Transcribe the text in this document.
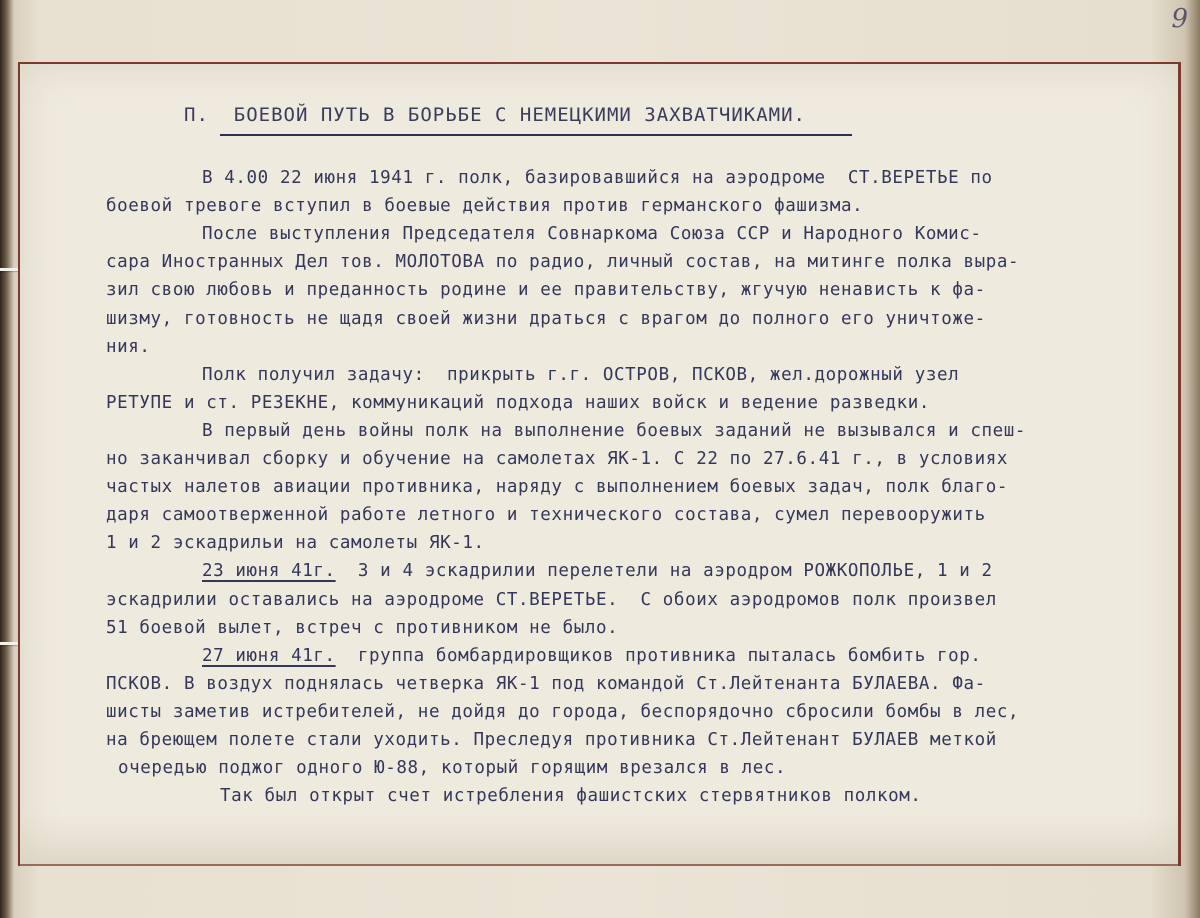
9
П. БОЕВОЙ ПУТЬ В БОРЬБЕ С НЕМЕЦКИМИ ЗАХВАТЧИКАМИ.
В 4.00 22 июня 1941 г. полк, базировавшийся на аэродроме  СТ.ВЕРЕТЬЕ по
боевой тревоге вступил в боевые действия против германского фашизма.
После выступления Председателя Совнаркома Союза ССР и Народного Комис-
сара Иностранных Дел тов. МОЛОТОВА по радио, личный состав, на митинге полка выра-
зил свою любовь и преданность родине и ее правительству, жгучую ненависть к фа-
шизму, готовность не щадя своей жизни драться с врагом до полного его уничтоже-
ния.
Полк получил задачу:  прикрыть г.г. ОСТРОВ, ПСКОВ, жел.дорожный узел
РЕТУПЕ и ст. РЕЗЕКНЕ, коммуникаций подхода наших войск и ведение разведки.
В первый день войны полк на выполнение боевых заданий не вызывался и спеш-
но заканчивал сборку и обучение на самолетах ЯК-1. С 22 по 27.6.41 г., в условиях
частых налетов авиации противника, наряду с выполнением боевых задач, полк благо-
даря самоотверженной работе летного и технического состава, сумел перевооружить
1 и 2 эскадрильи на самолеты ЯК-1.
23 июня 41г.  3 и 4 эскадрилии перелетели на аэродром РОЖКОПОЛЬЕ, 1 и 2
эскадрилии оставались на аэродроме СТ.ВЕРЕТЬЕ.  С обоих аэродромов полк произвел
51 боевой вылет, встреч с противником не было.
27 июня 41г.  группа бомбардировщиков противника пыталась бомбить гор.
ПСКОВ. В воздух поднялась четверка ЯК-1 под командой Ст.Лейтенанта БУЛАЕВА. Фа-
шисты заметив истребителей, не дойдя до города, беспорядочно сбросили бомбы в лес,
на бреющем полете стали уходить. Преследуя противника Ст.Лейтенант БУЛАЕВ меткой
очередью поджог одного Ю-88, который горящим врезался в лес.
Так был открыт счет истребления фашистских стервятников полком.
